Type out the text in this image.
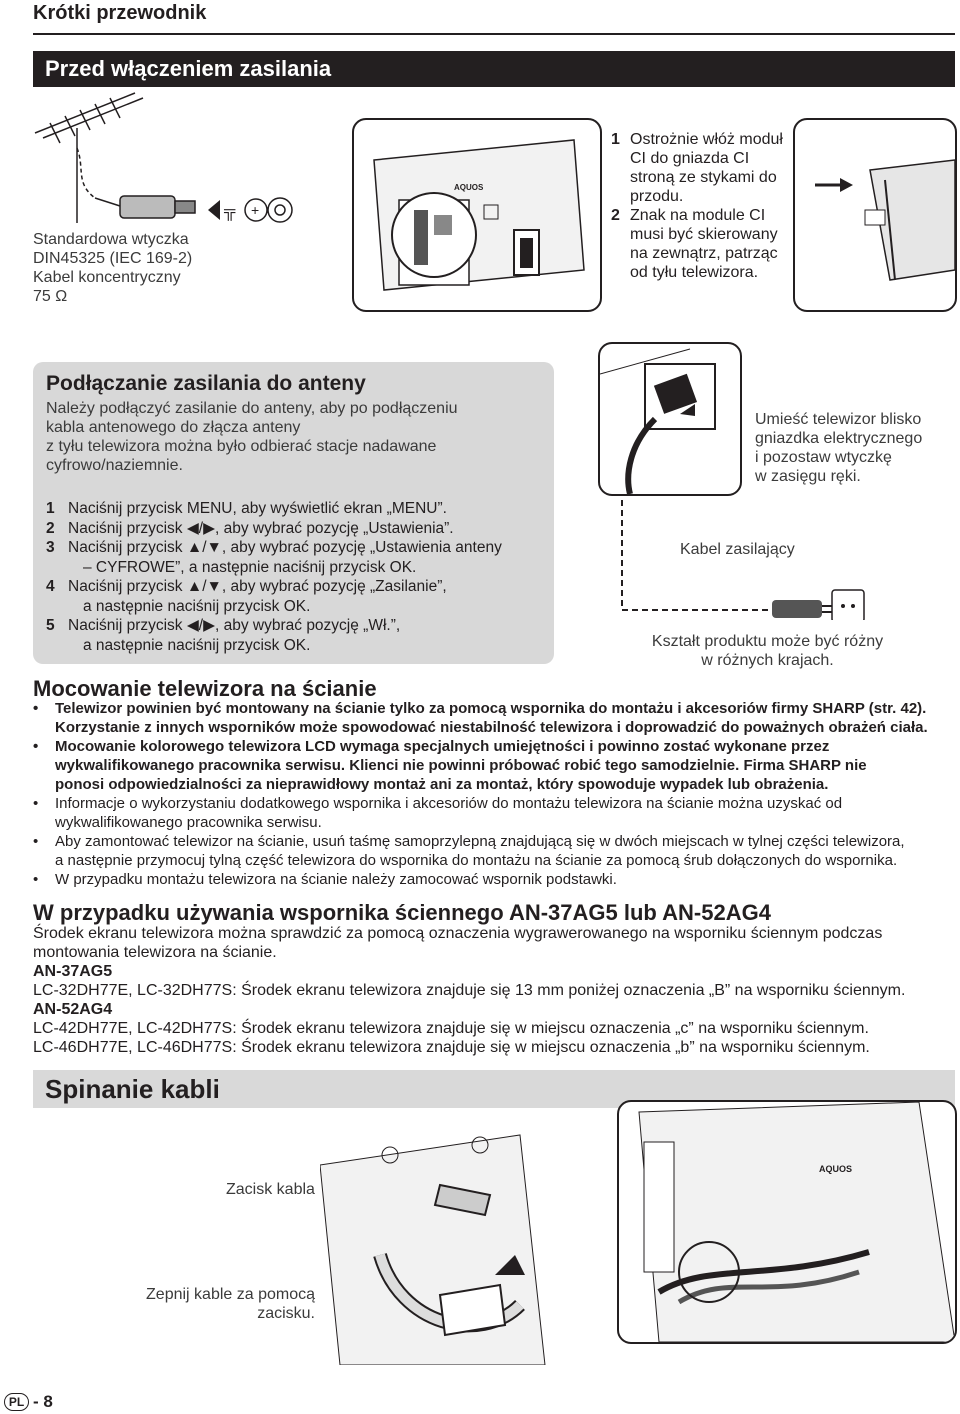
Krótki przewodnik
Przed włączeniem zasilania
Standardowa wtyczka
DIN45325 (IEC 169-2)
Kabel koncentryczny
75 Ω
╦ +
AQUOS
1 Ostrożnie włóż moduł
CI do gniazda CI
stroną ze stykami do
przodu.
2 Znak na module CI
musi być skierowany
na zewnątrz, patrząc
od tyłu telewizora.
Podłączanie zasilania do anteny
Należy podłączyć zasilanie do anteny, aby po podłączeniu
kabla antenowego do złącza anteny
z tyłu telewizora można było odbierać stacje nadawane
cyfrowo/naziemnie.
1 Naciśnij przycisk MENU, aby wyświetlić ekran „MENU”.
2 Naciśnij przycisk ◀/▶, aby wybrać pozycję „Ustawienia”.
3 Naciśnij przycisk ▲/▼, aby wybrać pozycję „Ustawienia anteny
– CYFROWE”, a następnie naciśnij przycisk OK.
4 Naciśnij przycisk ▲/▼, aby wybrać pozycję „Zasilanie”,
a następnie naciśnij przycisk OK.
5 Naciśnij przycisk ◀/▶, aby wybrać pozycję „Wł.”,
a następnie naciśnij przycisk OK.
Umieść telewizor blisko
gniazdka elektrycznego
i pozostaw wtyczkę
w zasięgu ręki.
Kabel zasilający
Kształt produktu może być różny
w różnych krajach.
Mocowanie telewizora na ścianie
•	Telewizor powinien być montowany na ścianie tylko za pomocą wspornika do montażu i akcesoriów firmy SHARP (str. 42).
Korzystanie z innych wsporników może spowodować niestabilność telewizora i doprowadzić do poważnych obrażeń ciała.
•	Mocowanie kolorowego telewizora LCD wymaga specjalnych umiejętności i powinno zostać wykonane przez
wykwalifikowanego pracownika serwisu. Klienci nie powinni próbować robić tego samodzielnie. Firma SHARP nie
ponosi odpowiedzialności za nieprawidłowy montaż ani za montaż, który spowoduje wypadek lub obrażenia.
•	Informacje o wykorzystaniu dodatkowego wspornika i akcesoriów do montażu telewizora na ścianie można uzyskać od
wykwalifikowanego pracownika serwisu.
•	Aby zamontować telewizor na ścianie, usuń taśmę samoprzylepną znajdującą się w dwóch miejscach w tylnej części telewizora,
a następnie przymocuj tylną część telewizora do wspornika do montażu na ścianie za pomocą śrub dołączonych do wspornika.
•	W przypadku montażu telewizora na ścianie należy zamocować wspornik podstawki.
W przypadku używania wspornika ściennego AN-37AG5 lub AN-52AG4
Środek ekranu telewizora można sprawdzić za pomocą oznaczenia wygrawerowanego na wsporniku ściennym podczas
montowania telewizora na ścianie.
AN-37AG5
LC-32DH77E, LC-32DH77S: Środek ekranu telewizora znajduje się 13 mm poniżej oznaczenia „B” na wsporniku ściennym.
AN-52AG4
LC-42DH77E, LC-42DH77S: Środek ekranu telewizora znajduje się w miejscu oznaczenia „c” na wsporniku ściennym.
LC-46DH77E, LC-46DH77S: Środek ekranu telewizora znajduje się w miejscu oznaczenia „b” na wsporniku ściennym.
Spinanie kabli
Zacisk kabla
Zepnij kable za pomocą
zacisku.
AQUOS
PL - 8
